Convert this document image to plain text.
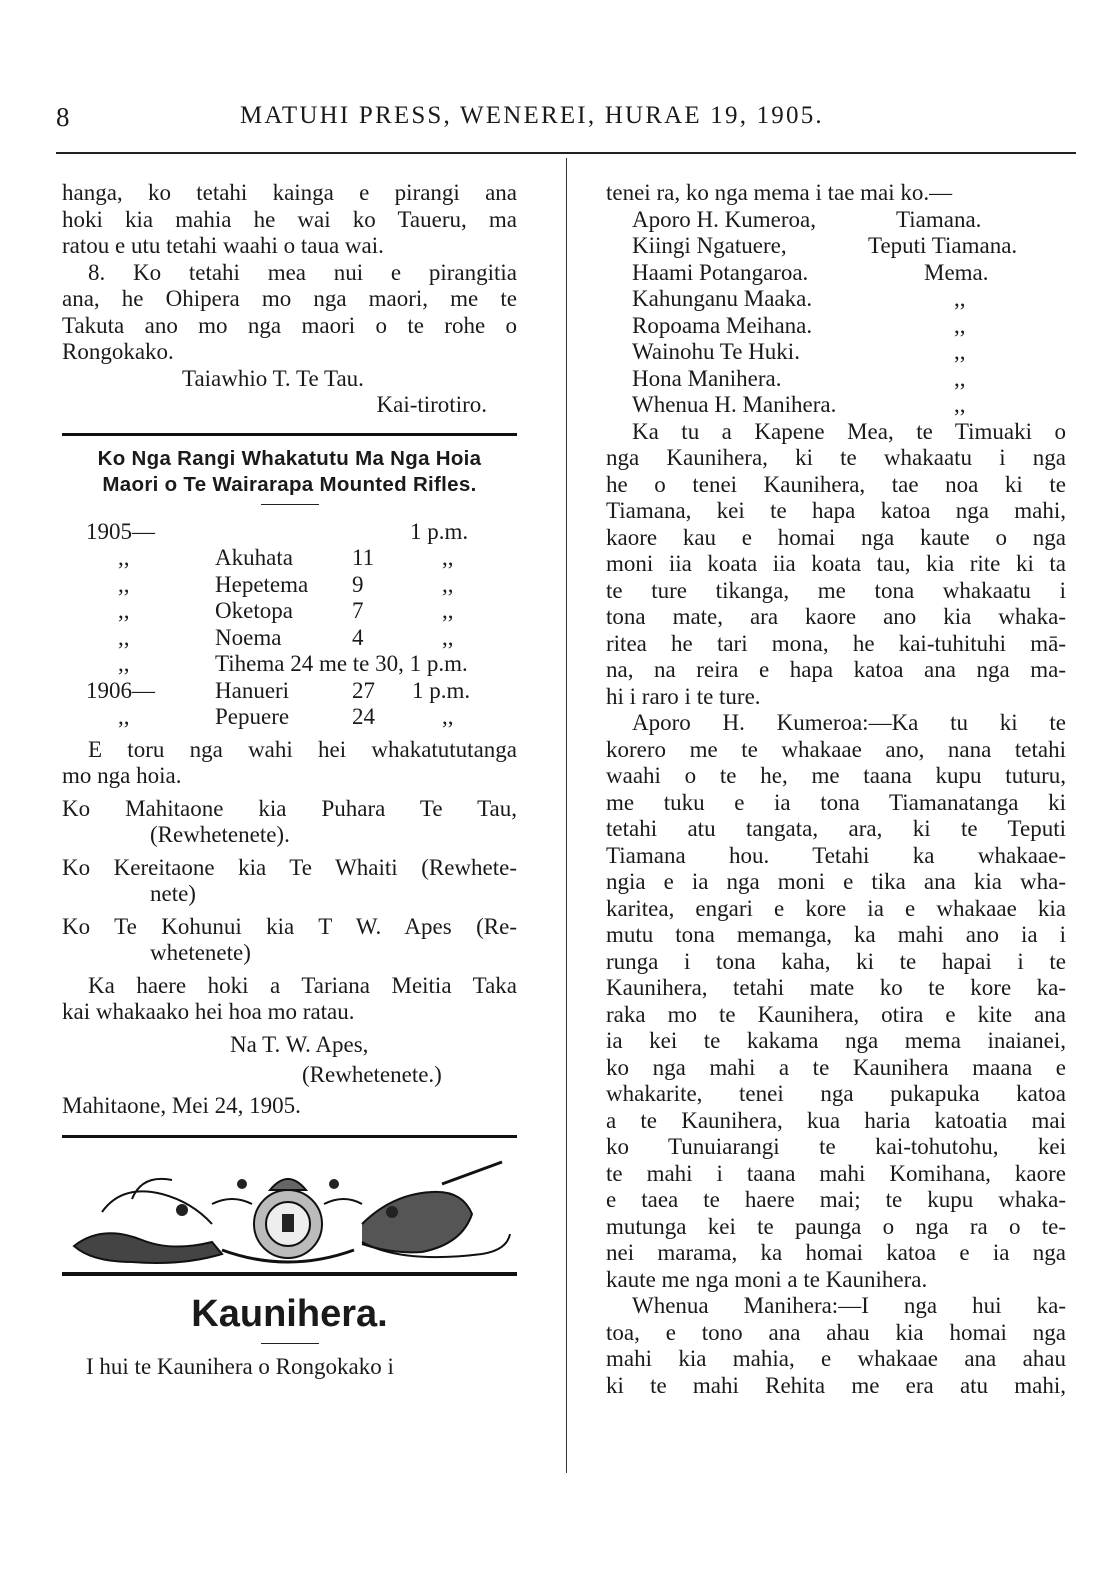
8	MATUHI PRESS, WENEREI, HURAE 19, 1905.
hanga, ko tetahi kainga e pirangi ana
hoki kia mahia he wai ko Taueru, ma
ratou e utu tetahi waahi o taua wai.
8. Ko tetahi mea nui e pirangitia
ana, he Ohipera mo nga maori, me te
Takuta ano mo nga maori o te rohe o
Rongokako.
Taiawhio T. Te Tau.
Kai-tirotiro.
Ko Nga Rangi Whakatutu Ma Nga Hoia
Maori o Te Wairarapa Mounted Rifles.
1905—	1 p.m.
,,	Akuhata	11	,,
,,	Hepetema 9	,,
,,	Oketopa	7	,,
,,	Noema	4	,,
,,	Tihema 24 me te 30, 1 p.m.
1906—	Hanueri	27 1 p.m.
,,	Pepuere	24	,,
E toru nga wahi hei whakatututanga
mo nga hoia.
Ko Mahitaone kia Puhara Te Tau,
(Rewhetenete).
Ko Kereitaone kia Te Whaiti (Rewhete-
nete)
Ko Te Kohunui kia T W. Apes (Re-
whetenete)
Ka haere hoki a Tariana Meitia Taka
kai whakaako hei hoa mo ratau.
Na T. W. Apes,
(Rewhetenete.)
Mahitaone, Mei 24, 1905.
Kaunihera.
I hui te Kaunihera o Rongokako i
tenei ra, ko nga mema i tae mai ko.—
Aporo H. Kumeroa,	Tiamana.
Kiingi Ngatuere,	Teputi Tiamana.
Haami Potangaroa.	Mema.
Kahunganu Maaka.	,,
Ropoama Meihana.	,,
Wainohu Te Huki.	,,
Hona Manihera.	,,
Whenua H. Manihera.	,,
Ka tu a Kapene Mea, te Timuaki o
nga Kaunihera, ki te whakaatu i nga
he o tenei Kaunihera, tae noa ki te
Tiamana, kei te hapa katoa nga mahi,
kaore kau e homai nga kaute o nga
moni iia koata iia koata tau, kia rite ki ta
te ture tikanga, me tona whakaatu i
tona mate, ara kaore ano kia whaka-
ritea he tari mona, he kai-tuhituhi mā-
na, na reira e hapa katoa ana nga ma-
hi i raro i te ture.
Aporo H. Kumeroa:—Ka tu ki te
korero me te whakaae ano, nana tetahi
waahi o te he, me taana kupu tuturu,
me tuku e ia tona Tiamanatanga ki
tetahi atu tangata, ara, ki te Teputi
Tiamana hou. Tetahi ka whakaae-
ngia e ia nga moni e tika ana kia wha-
karitea, engari e kore ia e whakaae kia
mutu tona memanga, ka mahi ano ia i
runga i tona kaha, ki te hapai i te
Kaunihera, tetahi mate ko te kore ka-
raka mo te Kaunihera, otira e kite ana
ia kei te kakama nga mema inaianei,
ko nga mahi a te Kaunihera maana e
whakarite, tenei nga pukapuka katoa
a te Kaunihera, kua haria katoatia mai
ko Tunuiarangi te kai-tohutohu, kei
te mahi i taana mahi Komihana, kaore
e taea te haere mai; te kupu whaka-
mutunga kei te paunga o nga ra o te-
nei marama, ka homai katoa e ia nga
kaute me nga moni a te Kaunihera.
Whenua Manihera:—I nga hui ka-
toa, e tono ana ahau kia homai nga
mahi kia mahia, e whakaae ana ahau
ki te mahi Rehita me era atu mahi,
